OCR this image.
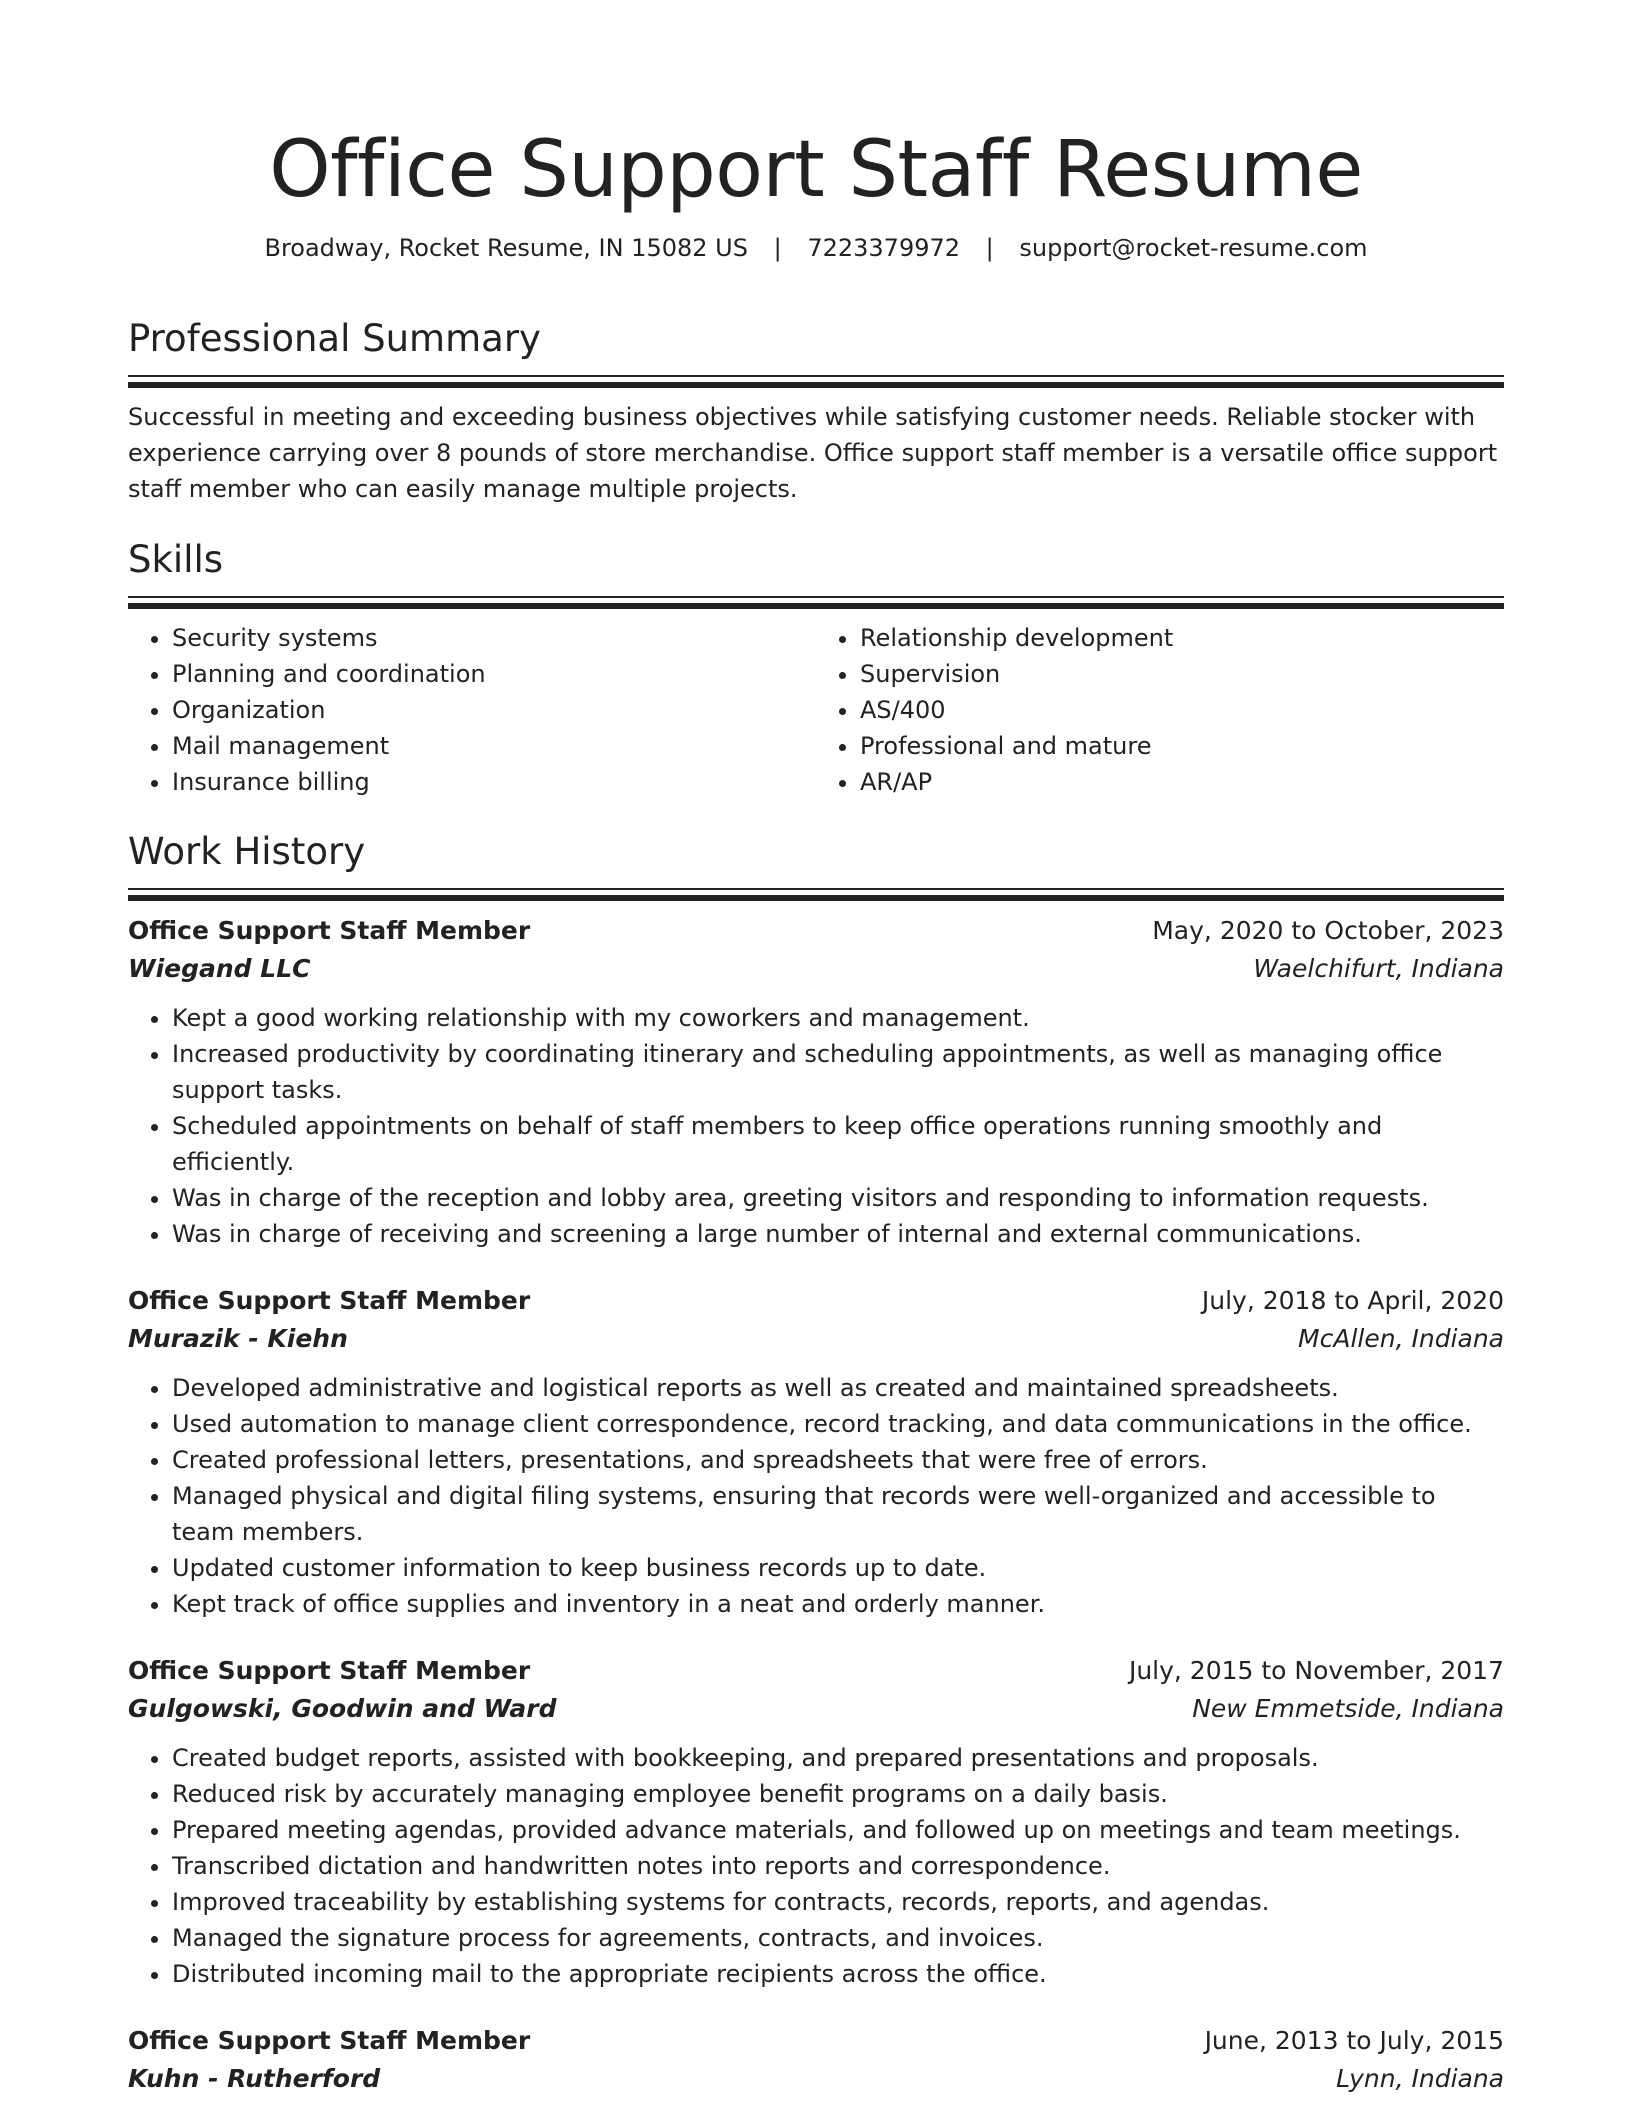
Office Support Staff Resume
Broadway, Rocket Resume, IN 15082 US | 7223379972 | support@rocket-resume.com
Professional Summary

Successful in meeting and exceeding business objectives while satisfying customer needs. Reliable stocker with experience carrying over 8 pounds of store merchandise. Office support staff member is a versatile office support staff member who can easily manage multiple projects.

Skills
• Security systems
• Planning and coordination
• Organization
• Mail management
• Insurance billing
• Relationship development
• Supervision
• AS/400
• Professional and mature
• AR/AP
Work History
Office Support Staff Member	May, 2020 to October, 2023
Wiegand LLC	Waelchifurt, Indiana
• Kept a good working relationship with my coworkers and management.
• Increased productivity by coordinating itinerary and scheduling appointments, as well as managing office support tasks.
• Scheduled appointments on behalf of staff members to keep office operations running smoothly and efficiently.
• Was in charge of the reception and lobby area, greeting visitors and responding to information requests.
• Was in charge of receiving and screening a large number of internal and external communications.
Office Support Staff Member	July, 2018 to April, 2020
Murazik - Kiehn	McAllen, Indiana
• Developed administrative and logistical reports as well as created and maintained spreadsheets.
• Used automation to manage client correspondence, record tracking, and data communications in the office.
• Created professional letters, presentations, and spreadsheets that were free of errors.
• Managed physical and digital filing systems, ensuring that records were well-organized and accessible to team members.
• Updated customer information to keep business records up to date.
• Kept track of office supplies and inventory in a neat and orderly manner.
Office Support Staff Member	July, 2015 to November, 2017
Gulgowski, Goodwin and Ward	New Emmetside, Indiana
• Created budget reports, assisted with bookkeeping, and prepared presentations and proposals.
• Reduced risk by accurately managing employee benefit programs on a daily basis.
• Prepared meeting agendas, provided advance materials, and followed up on meetings and team meetings.
• Transcribed dictation and handwritten notes into reports and correspondence.
• Improved traceability by establishing systems for contracts, records, reports, and agendas.
• Managed the signature process for agreements, contracts, and invoices.
• Distributed incoming mail to the appropriate recipients across the office.
Office Support Staff Member	June, 2013 to July, 2015
Kuhn - Rutherford	Lynn, Indiana
